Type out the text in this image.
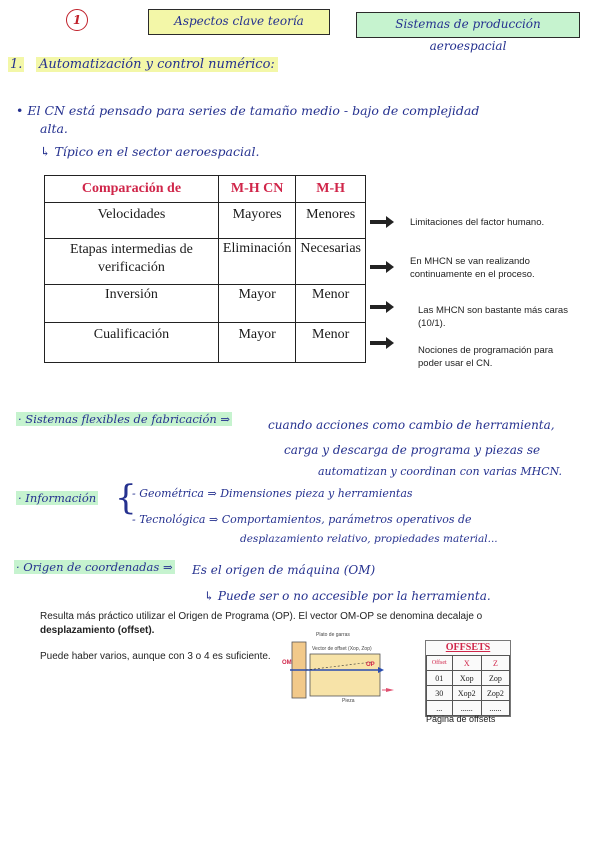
1	Aspectos clave teoría	Sistemas de producción aeroespacial
1. Automatización y control numérico:
• El CN está pensado para series de tamaño medio - bajo de complejidad
alta.
↳ Típico en el sector aeroespacial.
Comparación de	M-H CN	M-H
Velocidades	Mayores	Menores
Etapas intermedias de verificación	Eliminación	Necesarias
Inversión	Mayor	Menor
Cualificación	Mayor	Menor
Limitaciones del factor humano.
En MHCN se van realizando continuamente en el proceso.
Las MHCN son bastante más caras (10/1).
Nociones de programación para poder usar el CN.
· Sistemas flexibles de fabricación ⇒	cuando acciones como cambio de herramienta,
carga y descarga de programa y piezas se
automatizan y coordinan con varias MHCN.
· Información {
- Geométrica ⇒ Dimensiones pieza y herramientas
- Tecnológica ⇒ Comportamientos, parámetros operativos de
desplazamiento relativo, propiedades material...
· Origen de coordenadas ⇒ Es el origen de máquina (OM)
↳ Puede ser o no accesible por la herramienta.
Resulta más práctico utilizar el Origen de Programa (OP). El vector OM-OP se denomina decalaje o
desplazamiento (offset).
Puede haber varios, aunque con 3 o 4 es suficiente.
Plato de garras
Vector de offset (Xop, Zop)
OM	OP
Pieza
OFFSETS
Offset	X	Z
01	Xop	Zop
30	Xop2	Zop2
...	......	......
Página de offsets
